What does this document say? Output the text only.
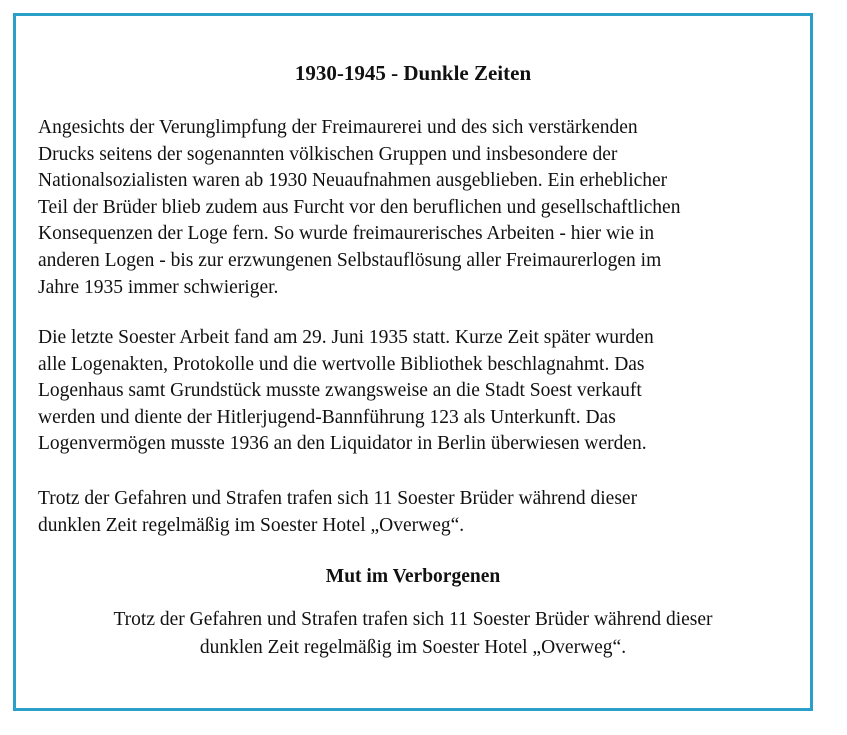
1930-1945 - Dunkle Zeiten

Angesichts der Verunglimpfung der Freimaurerei und des sich verstärkenden
Drucks seitens der sogenannten völkischen Gruppen und insbesondere der
Nationalsozialisten waren ab 1930 Neuaufnahmen ausgeblieben. Ein erheblicher
Teil der Brüder blieb zudem aus Furcht vor den beruflichen und gesellschaftlichen
Konsequenzen der Loge fern. So wurde freimaurerisches Arbeiten - hier wie in
anderen Logen - bis zur erzwungenen Selbstauflösung aller Freimaurerlogen im
Jahre 1935 immer schwieriger.

Die letzte Soester Arbeit fand am 29. Juni 1935 statt. Kurze Zeit später wurden
alle Logenakten, Protokolle und die wertvolle Bibliothek beschlagnahmt. Das
Logenhaus samt Grundstück musste zwangsweise an die Stadt Soest verkauft
werden und diente der Hitlerjugend-Bannführung 123 als Unterkunft. Das
Logenvermögen musste 1936 an den Liquidator in Berlin überwiesen werden.

Trotz der Gefahren und Strafen trafen sich 11 Soester Brüder während dieser
dunklen Zeit regelmäßig im Soester Hotel „Overweg“.

Mut im Verborgenen

Trotz der Gefahren und Strafen trafen sich 11 Soester Brüder während dieser
dunklen Zeit regelmäßig im Soester Hotel „Overweg“.
